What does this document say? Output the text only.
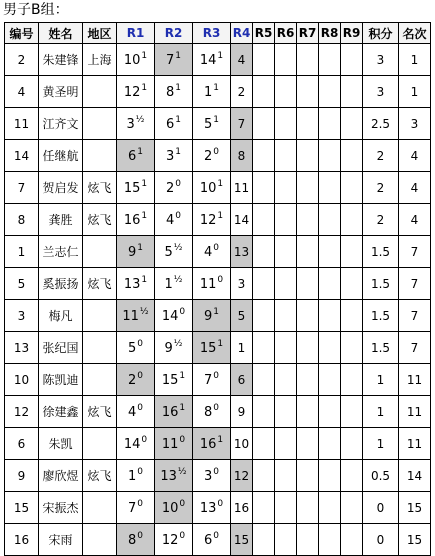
男子B组：
编号	姓名	地区	R1	R2	R3	R4	R5	R6	R7	R8	R9	积分	名次
2	朱建锋	上海	$10^1$	$7^1$	$14^1$	4						3	1
4	黄圣明		$12^1$	$8^1$	$1^1$	2						3	1
11	江齐文		$3^{\frac{1}{2}}$	$6^1$	$5^1$	7						2.5	3
14	任继航		$6^1$	$3^1$	$2^0$	8						2	4
7	贺启发	炫飞	$15^1$	$2^0$	$10^1$	11						2	4
8	龚胜	炫飞	$16^1$	$4^0$	$12^1$	14						2	4
1	兰志仁		$9^1$	$5^{\frac{1}{2}}$	$4^0$	13						1.5	7
5	奚振扬	炫飞	$13^1$	$1^{\frac{1}{2}}$	$11^0$	3						1.5	7
3	梅凡		$11^{\frac{1}{2}}$	$14^0$	$9^1$	5						1.5	7
13	张纪国		$5^0$	$9^{\frac{1}{2}}$	$15^1$	1						1.5	7
10	陈凯迪		$2^0$	$15^1$	$7^0$	6						1	11
12	徐建鑫	炫飞	$4^0$	$16^1$	$8^0$	9						1	11
6	朱凯		$14^0$	$11^0$	$16^1$	10						1	11
9	廖欣煜	炫飞	$1^0$	$13^{\frac{1}{2}}$	$3^0$	12						0.5	14
15	宋振杰		$7^0$	$10^0$	$13^0$	16						0	15
16	宋雨		$8^0$	$12^0$	$6^0$	15						0	15
